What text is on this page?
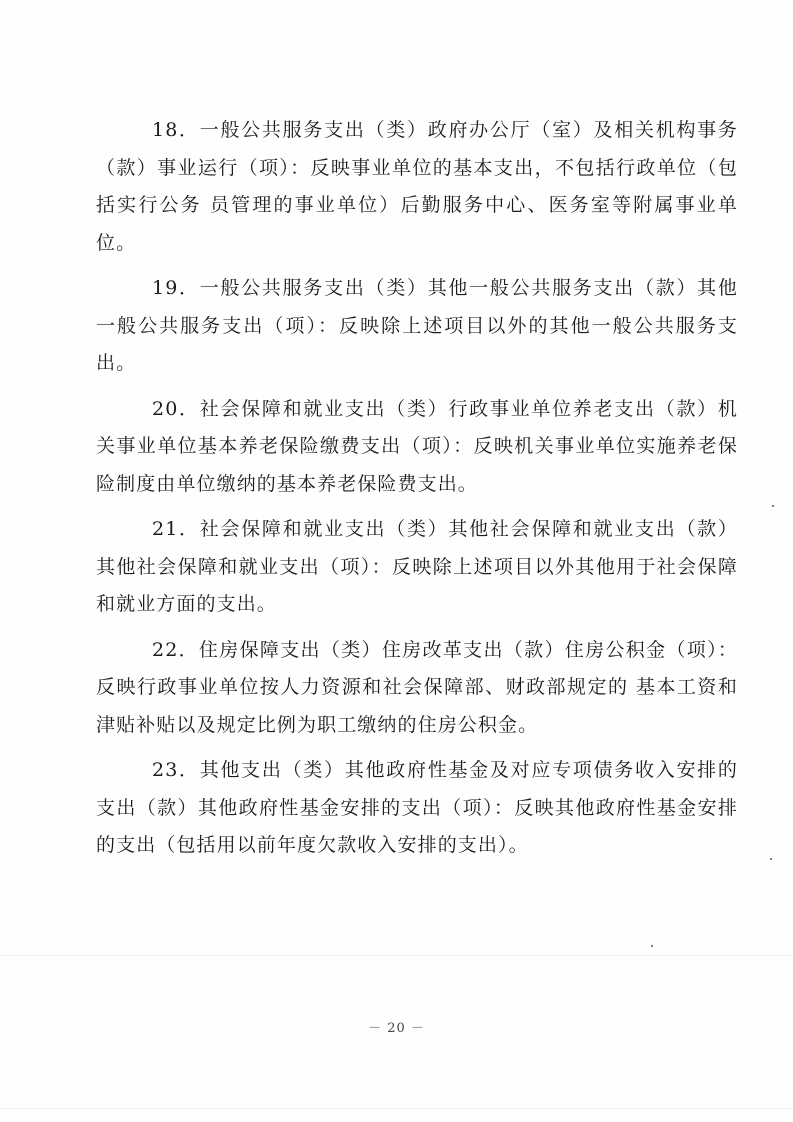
18．一般公共服务支出（类）政府办公厅（室）及相关机构事务（款）事业运行（项）：反映事业单位的基本支出，不包括行政单位（包括实行公务 员管理的事业单位）后勤服务中心、医务室等附属事业单位。

19．一般公共服务支出（类）其他一般公共服务支出（款）其他一般公共服务支出（项）：反映除上述项目以外的其他一般公共服务支出。

20．社会保障和就业支出（类）行政事业单位养老支出（款）机关事业单位基本养老保险缴费支出（项）：反映机关事业单位实施养老保险制度由单位缴纳的基本养老保险费支出。

21．社会保障和就业支出（类）其他社会保障和就业支出（款）其他社会保障和就业支出（项）：反映除上述项目以外其他用于社会保障和就业方面的支出。

22．住房保障支出（类）住房改革支出（款）住房公积金（项）：反映行政事业单位按人力资源和社会保障部、财政部规定的 基本工资和津贴补贴以及规定比例为职工缴纳的住房公积金。

23．其他支出（类）其他政府性基金及对应专项债务收入安排的支出（款）其他政府性基金安排的支出（项）：反映其他政府性基金安排的支出（包括用以前年度欠款收入安排的支出）。

－ 20 －
